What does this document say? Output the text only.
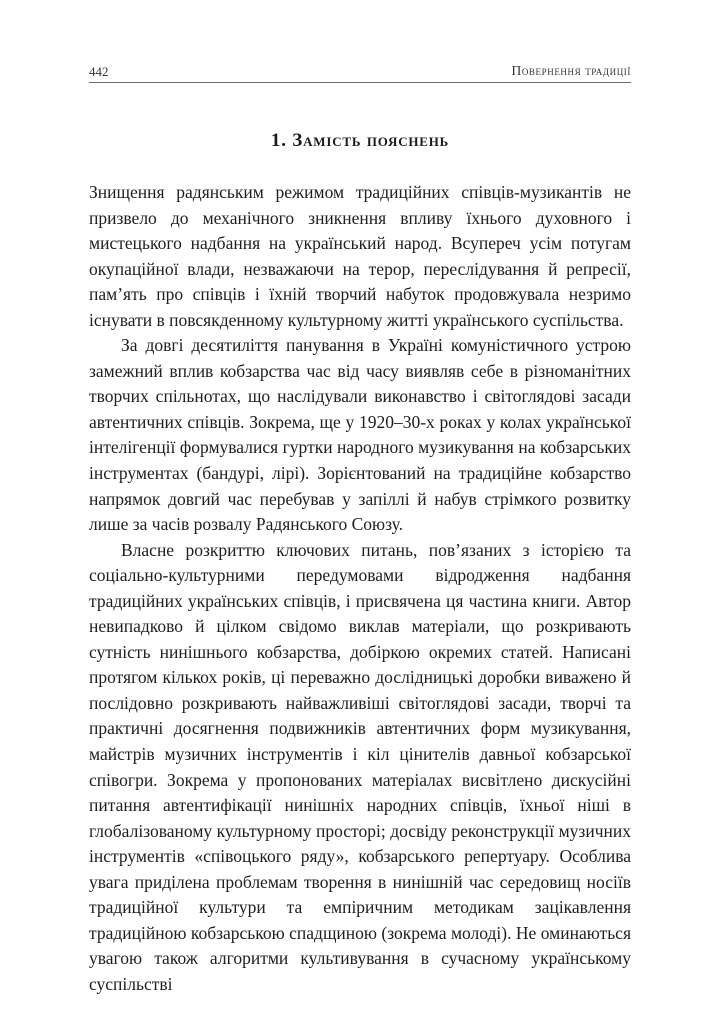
442	Повернення традиції
1. Замість пояснень

Знищення радянським режимом традиційних співців-музикантів не призвело до механічного зникнення впливу їхнього духовного і мистецького надбання на український народ. Всупереч усім потугам окупаційної влади, незважаючи на терор, переслідування й репресії, пам’ять про співців і їхній творчий набуток продовжувала незримо існувати в повсякденному культурному житті українського суспільства.

За довгі десятиліття панування в Україні комуністичного устрою замежний вплив кобзарства час від часу виявляв себе в різноманітних творчих спільнотах, що наслідували виконавство і світоглядові засади автентичних співців. Зокрема, ще у 1920–30-х роках у колах української інтелігенції формувалися гуртки народного музикування на кобзарських інструментах (бандурі, лірі). Зорієнтований на традиційне кобзарство напрямок довгий час перебував у запіллі й набув стрімкого розвитку лише за часів розвалу Радянського Союзу.

Власне розкриттю ключових питань, пов’язаних з історією та соціально-культурними передумовами відродження надбання традиційних українських співців, і присвячена ця частина книги. Автор невипадково й цілком свідомо виклав матеріали, що розкривають сутність нинішнього кобзарства, добіркою окремих статей. Написані протягом кількох років, ці переважно дослідницькі доробки виважено й послідовно розкривають найважливіші світоглядові засади, творчі та практичні досягнення подвижників автентичних форм музикування, майстрів музичних інструментів і кіл цінителів давньої кобзарської співогри. Зокрема у пропонованих матеріалах висвітлено дискусійні питання автентифікації нинішніх народних співців, їхньої ніші в глобалізованому культурному просторі; досвіду реконструкції музичних інструментів «співоцького ряду», кобзарського репертуару. Особлива увага приділена проблемам творення в нинішній час середовищ носіїв традиційної культури та емпіричним методикам зацікавлення традиційною кобзарською спадщиною (зокрема молоді). Не оминаються увагою також алгоритми культивування в сучасному українському суспільстві
